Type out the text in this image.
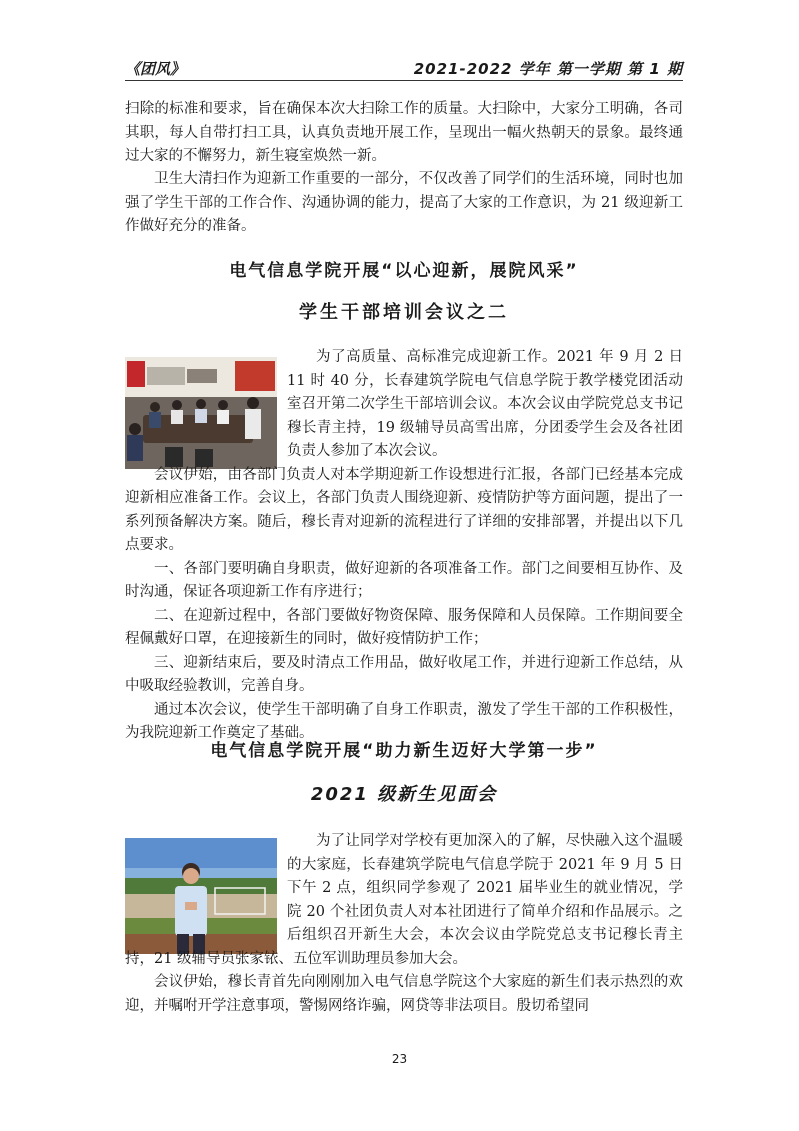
《团风》	2021-2022 学年 第一学期 第 1 期

扫除的标准和要求，旨在确保本次大扫除工作的质量。大扫除中，大家分工明确，各司其职，每人自带打扫工具，认真负责地开展工作，呈现出一幅火热朝天的景象。最终通过大家的不懈努力，新生寝室焕然一新。

卫生大清扫作为迎新工作重要的一部分，不仅改善了同学们的生活环境，同时也加强了学生干部的工作合作、沟通协调的能力，提高了大家的工作意识，为 21 级迎新工作做好充分的准备。

电气信息学院开展“以心迎新，展院风采”
学生干部培训会议之二

为了高质量、高标准完成迎新工作。2021 年 9 月 2 日 11 时 40 分，长春建筑学院电气信息学院于教学楼党团活动室召开第二次学生干部培训会议。本次会议由学院党总支书记穆长青主持，19 级辅导员高雪出席，分团委学生会及各社团负责人参加了本次会议。

会议伊始，由各部门负责人对本学期迎新工作设想进行汇报，各部门已经基本完成迎新相应准备工作。会议上，各部门负责人围绕迎新、疫情防护等方面问题，提出了一系列预备解决方案。随后，穆长青对迎新的流程进行了详细的安排部署，并提出以下几点要求。

一、各部门要明确自身职责，做好迎新的各项准备工作。部门之间要相互协作、及时沟通，保证各项迎新工作有序进行；

二、在迎新过程中，各部门要做好物资保障、服务保障和人员保障。工作期间要全程佩戴好口罩，在迎接新生的同时，做好疫情防护工作；

三、迎新结束后，要及时清点工作用品，做好收尾工作，并进行迎新工作总结，从中吸取经验教训，完善自身。

通过本次会议，使学生干部明确了自身工作职责，激发了学生干部的工作积极性，为我院迎新工作奠定了基础。

电气信息学院开展“助力新生迈好大学第一步”
2021 级新生见面会

为了让同学对学校有更加深入的了解，尽快融入这个温暖的大家庭，长春建筑学院电气信息学院于 2021 年 9 月 5 日下午 2 点，组织同学参观了 2021 届毕业生的就业情况，学院 20 个社团负责人对本社团进行了简单介绍和作品展示。之后组织召开新生大会，本次会议由学院党总支书记穆长青主持，21 级辅导员张家铱、五位军训助理员参加大会。

会议伊始，穆长青首先向刚刚加入电气信息学院这个大家庭的新生们表示热烈的欢迎，并嘱咐开学注意事项，警惕网络诈骗，网贷等非法项目。殷切希望同

23
